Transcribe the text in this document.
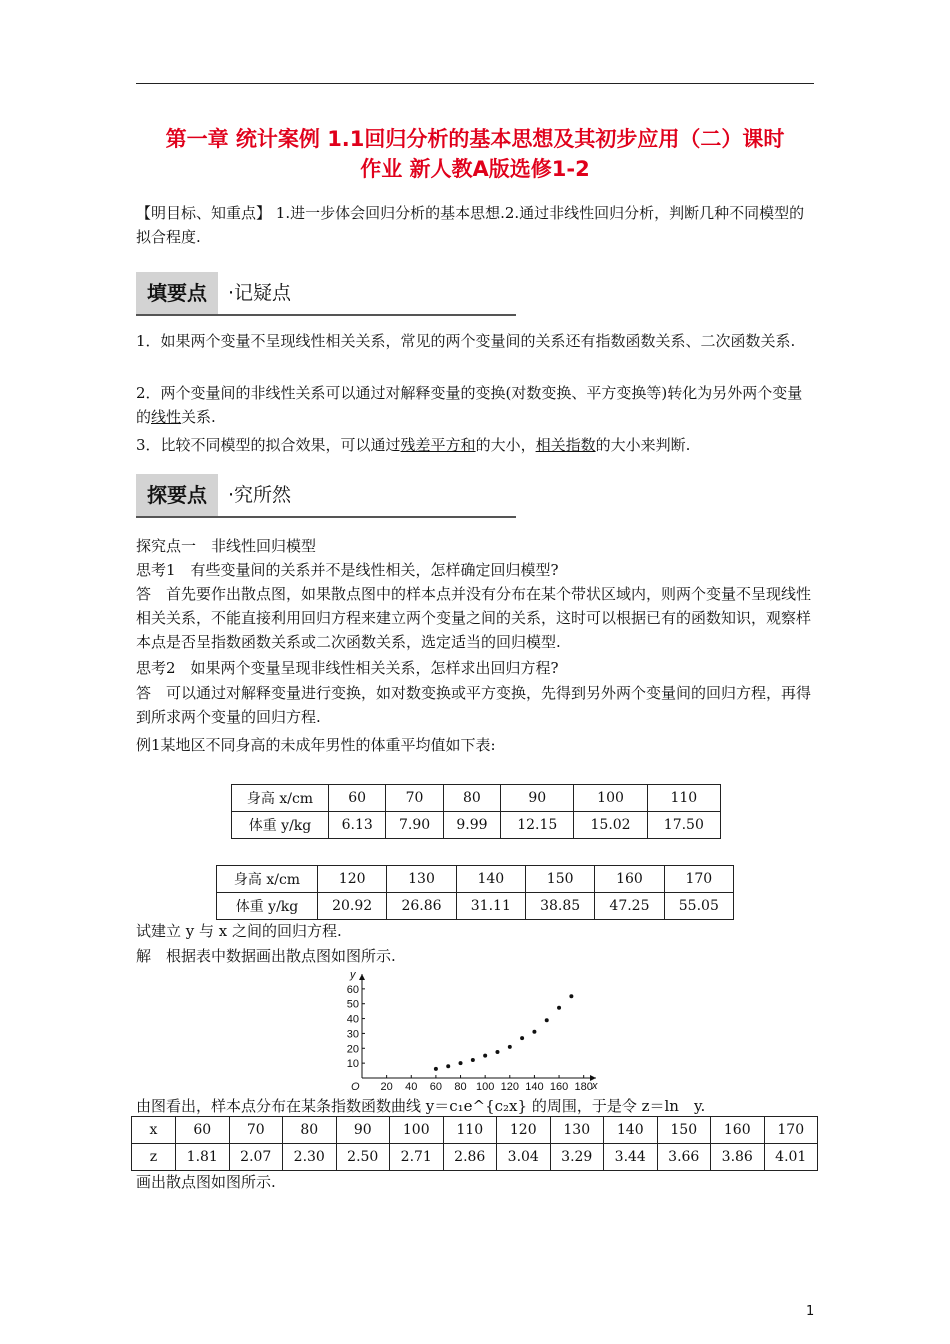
第一章 统计案例 1.1回归分析的基本思想及其初步应用（二）课时
作业 新人教A版选修1-2
【明目标、知重点】 1.进一步体会回归分析的基本思想.2.通过非线性回归分析，判断几种不同模型的拟合程度.
填要点	·记疑点
1．如果两个变量不呈现线性相关关系，常见的两个变量间的关系还有指数函数关系、二次函数关系.
2．两个变量间的非线性关系可以通过对解释变量的变换(对数变换、平方变换等)转化为另外两个变量的线性关系.
3．比较不同模型的拟合效果，可以通过残差平方和的大小，相关指数的大小来判断.
探要点	·究所然
探究点一　非线性回归模型
思考1　有些变量间的关系并不是线性相关，怎样确定回归模型?
答　首先要作出散点图，如果散点图中的样本点并没有分布在某个带状区域内，则两个变量不呈现线性相关关系，不能直接利用回归方程来建立两个变量之间的关系，这时可以根据已有的函数知识，观察样本点是否呈指数函数关系或二次函数关系，选定适当的回归模型.
思考2　如果两个变量呈现非线性相关关系，怎样求出回归方程?
答　可以通过对解释变量进行变换，如对数变换或平方变换，先得到另外两个变量间的回归方程，再得到所求两个变量的回归方程.
例1某地区不同身高的未成年男性的体重平均值如下表:
身高 x/cm	60	70	80	90	100	110
体重 y/kg	6.13	7.90	9.99	12.15	15.02	17.50
身高 x/cm	120	130	140	150	160	170
体重 y/kg	20.92	26.86	31.11	38.85	47.25	55.05
试建立 y 与 x 之间的回归方程.
解　根据表中数据画出散点图如图所示.
x
y
O 20 40 60 80 100 120 140 160 180
10
20
30
40
50
60
由图看出，样本点分布在某条指数函数曲线 y＝c₁e^{c₂x} 的周围，于是令 z＝ln　y.
x	60	70	80	90	100	110	120	130	140	150	160	170
z	1.81	2.07	2.30	2.50	2.71	2.86	3.04	3.29	3.44	3.66	3.86	4.01
画出散点图如图所示.
1
